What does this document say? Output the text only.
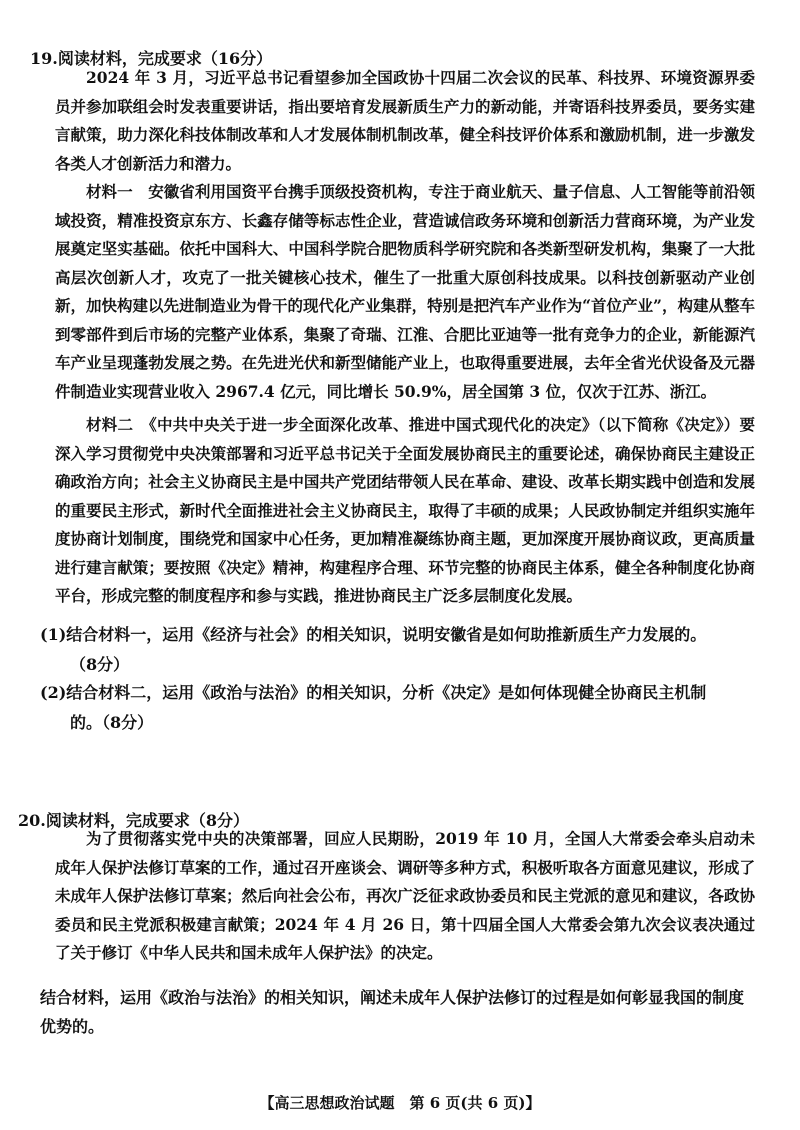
19.阅读材料，完成要求（16分）

2024 年 3 月，习近平总书记看望参加全国政协十四届二次会议的民革、科技界、环境资源界委员并参加联组会时发表重要讲话，指出要培育发展新质生产力的新动能，并寄语科技界委员，要务实建言献策，助力深化科技体制改革和人才发展体制机制改革，健全科技评价体系和激励机制，进一步激发各类人才创新活力和潜力。

材料一　安徽省利用国资平台携手顶级投资机构，专注于商业航天、量子信息、人工智能等前沿领域投资，精准投资京东方、长鑫存储等标志性企业，营造诚信政务环境和创新活力营商环境，为产业发展奠定坚实基础。依托中国科大、中国科学院合肥物质科学研究院和各类新型研发机构，集聚了一大批高层次创新人才，攻克了一批关键核心技术，催生了一批重大原创科技成果。以科技创新驱动产业创新，加快构建以先进制造业为骨干的现代化产业集群，特别是把汽车产业作为“首位产业”，构建从整车到零部件到后市场的完整产业体系，集聚了奇瑞、江淮、合肥比亚迪等一批有竞争力的企业，新能源汽车产业呈现蓬勃发展之势。在先进光伏和新型储能产业上，也取得重要进展，去年全省光伏设备及元器件制造业实现营业收入 2967.4 亿元，同比增长 50.9%，居全国第 3 位，仅次于江苏、浙江。

材料二　《中共中央关于进一步全面深化改革、推进中国式现代化的决定》（以下简称《决定》）要深入学习贯彻党中央决策部署和习近平总书记关于全面发展协商民主的重要论述，确保协商民主建设正确政治方向；社会主义协商民主是中国共产党团结带领人民在革命、建设、改革长期实践中创造和发展的重要民主形式，新时代全面推进社会主义协商民主，取得了丰硕的成果；人民政协制定并组织实施年度协商计划制度，围绕党和国家中心任务，更加精准凝练协商主题，更加深度开展协商议政，更高质量进行建言献策；要按照《决定》精神，构建程序合理、环节完整的协商民主体系，健全各种制度化协商平台，形成完整的制度程序和参与实践，推进协商民主广泛多层制度化发展。

(1)结合材料一，运用《经济与社会》的相关知识，说明安徽省是如何助推新质生产力发展的。
（8分）
(2)结合材料二，运用《政治与法治》的相关知识，分析《决定》是如何体现健全协商民主机制
的。（8分）

20.阅读材料，完成要求（8分）

为了贯彻落实党中央的决策部署，回应人民期盼，2019 年 10 月，全国人大常委会牵头启动未成年人保护法修订草案的工作，通过召开座谈会、调研等多种方式，积极听取各方面意见建议，形成了未成年人保护法修订草案；然后向社会公布，再次广泛征求政协委员和民主党派的意见和建议，各政协委员和民主党派积极建言献策；2024 年 4 月 26 日，第十四届全国人大常委会第九次会议表决通过了关于修订《中华人民共和国未成年人保护法》的决定。

结合材料，运用《政治与法治》的相关知识，阐述未成年人保护法修订的过程是如何彰显我国的制度优势的。

【高三思想政治试题　第 6 页(共 6 页)】
